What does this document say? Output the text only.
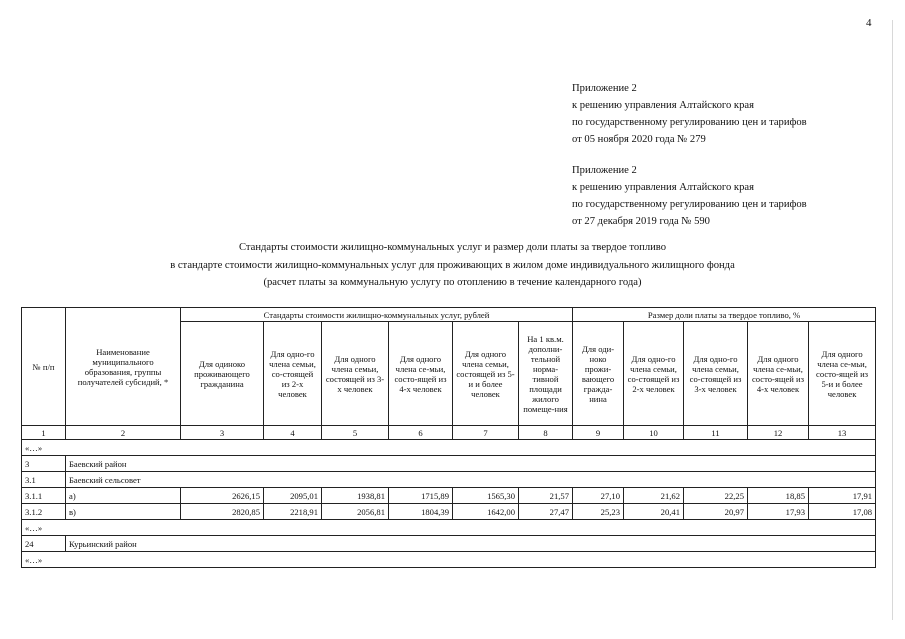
4
Приложение 2
к решению управления Алтайского края
по государственному регулированию цен и тарифов
от 05 ноября 2020 года № 279
Приложение 2
к решению управления Алтайского края
по государственному регулированию цен и тарифов
от 27 декабря 2019 года № 590
Стандарты стоимости жилищно-коммунальных услуг и размер доли платы за твердое топливо
в стандарте стоимости жилищно-коммунальных услуг для проживающих в жилом доме индивидуального жилищного фонда
(расчет платы за коммунальную услугу по отоплению в течение календарного года)
№ п/п	Наименование муниципального образования, группы получателей субсидий, *	Стандарты стоимости жилищно-коммунальных услуг, рублей						Размер доли платы за твердое топливо, %				
		Для одиноко проживающего гражданина	Для одно-го члена семьи, со-стоящей из 2-х человек	Для одного члена семьи, состоящей из 3-х человек	Для одного члена се-мьи, состо-ящей из 4-х человек	Для одного члена семьи, состоящей из 5-и и более человек	На 1 кв.м. дополни-тельной норма-тивной площади жилого помеще-ния	Для оди-ноко прожи-вающего гражда-нина	Для одно-го члена семьи, со-стоящей из 2-х человек	Для одно-го члена семьи, со-стоящей из 3-х человек	Для одного члена се-мьи, состо-ящей из 4-х человек	Для одного члена се-мьи, состо-ящей из 5-и и более человек
1	2	3	4	5	6	7	8	9	10	11	12	13
«…»												
3	Баевский район											
3.1	Баевский сельсовет											
3.1.1	а)	2626,15	2095,01	1938,81	1715,89	1565,30	21,57	27,10	21,62	22,25	18,85	17,91
3.1.2	в)	2820,85	2218,91	2056,81	1804,39	1642,00	27,47	25,23	20,41	20,97	17,93	17,08
«…»												
24	Курьинский район											
«…»												
